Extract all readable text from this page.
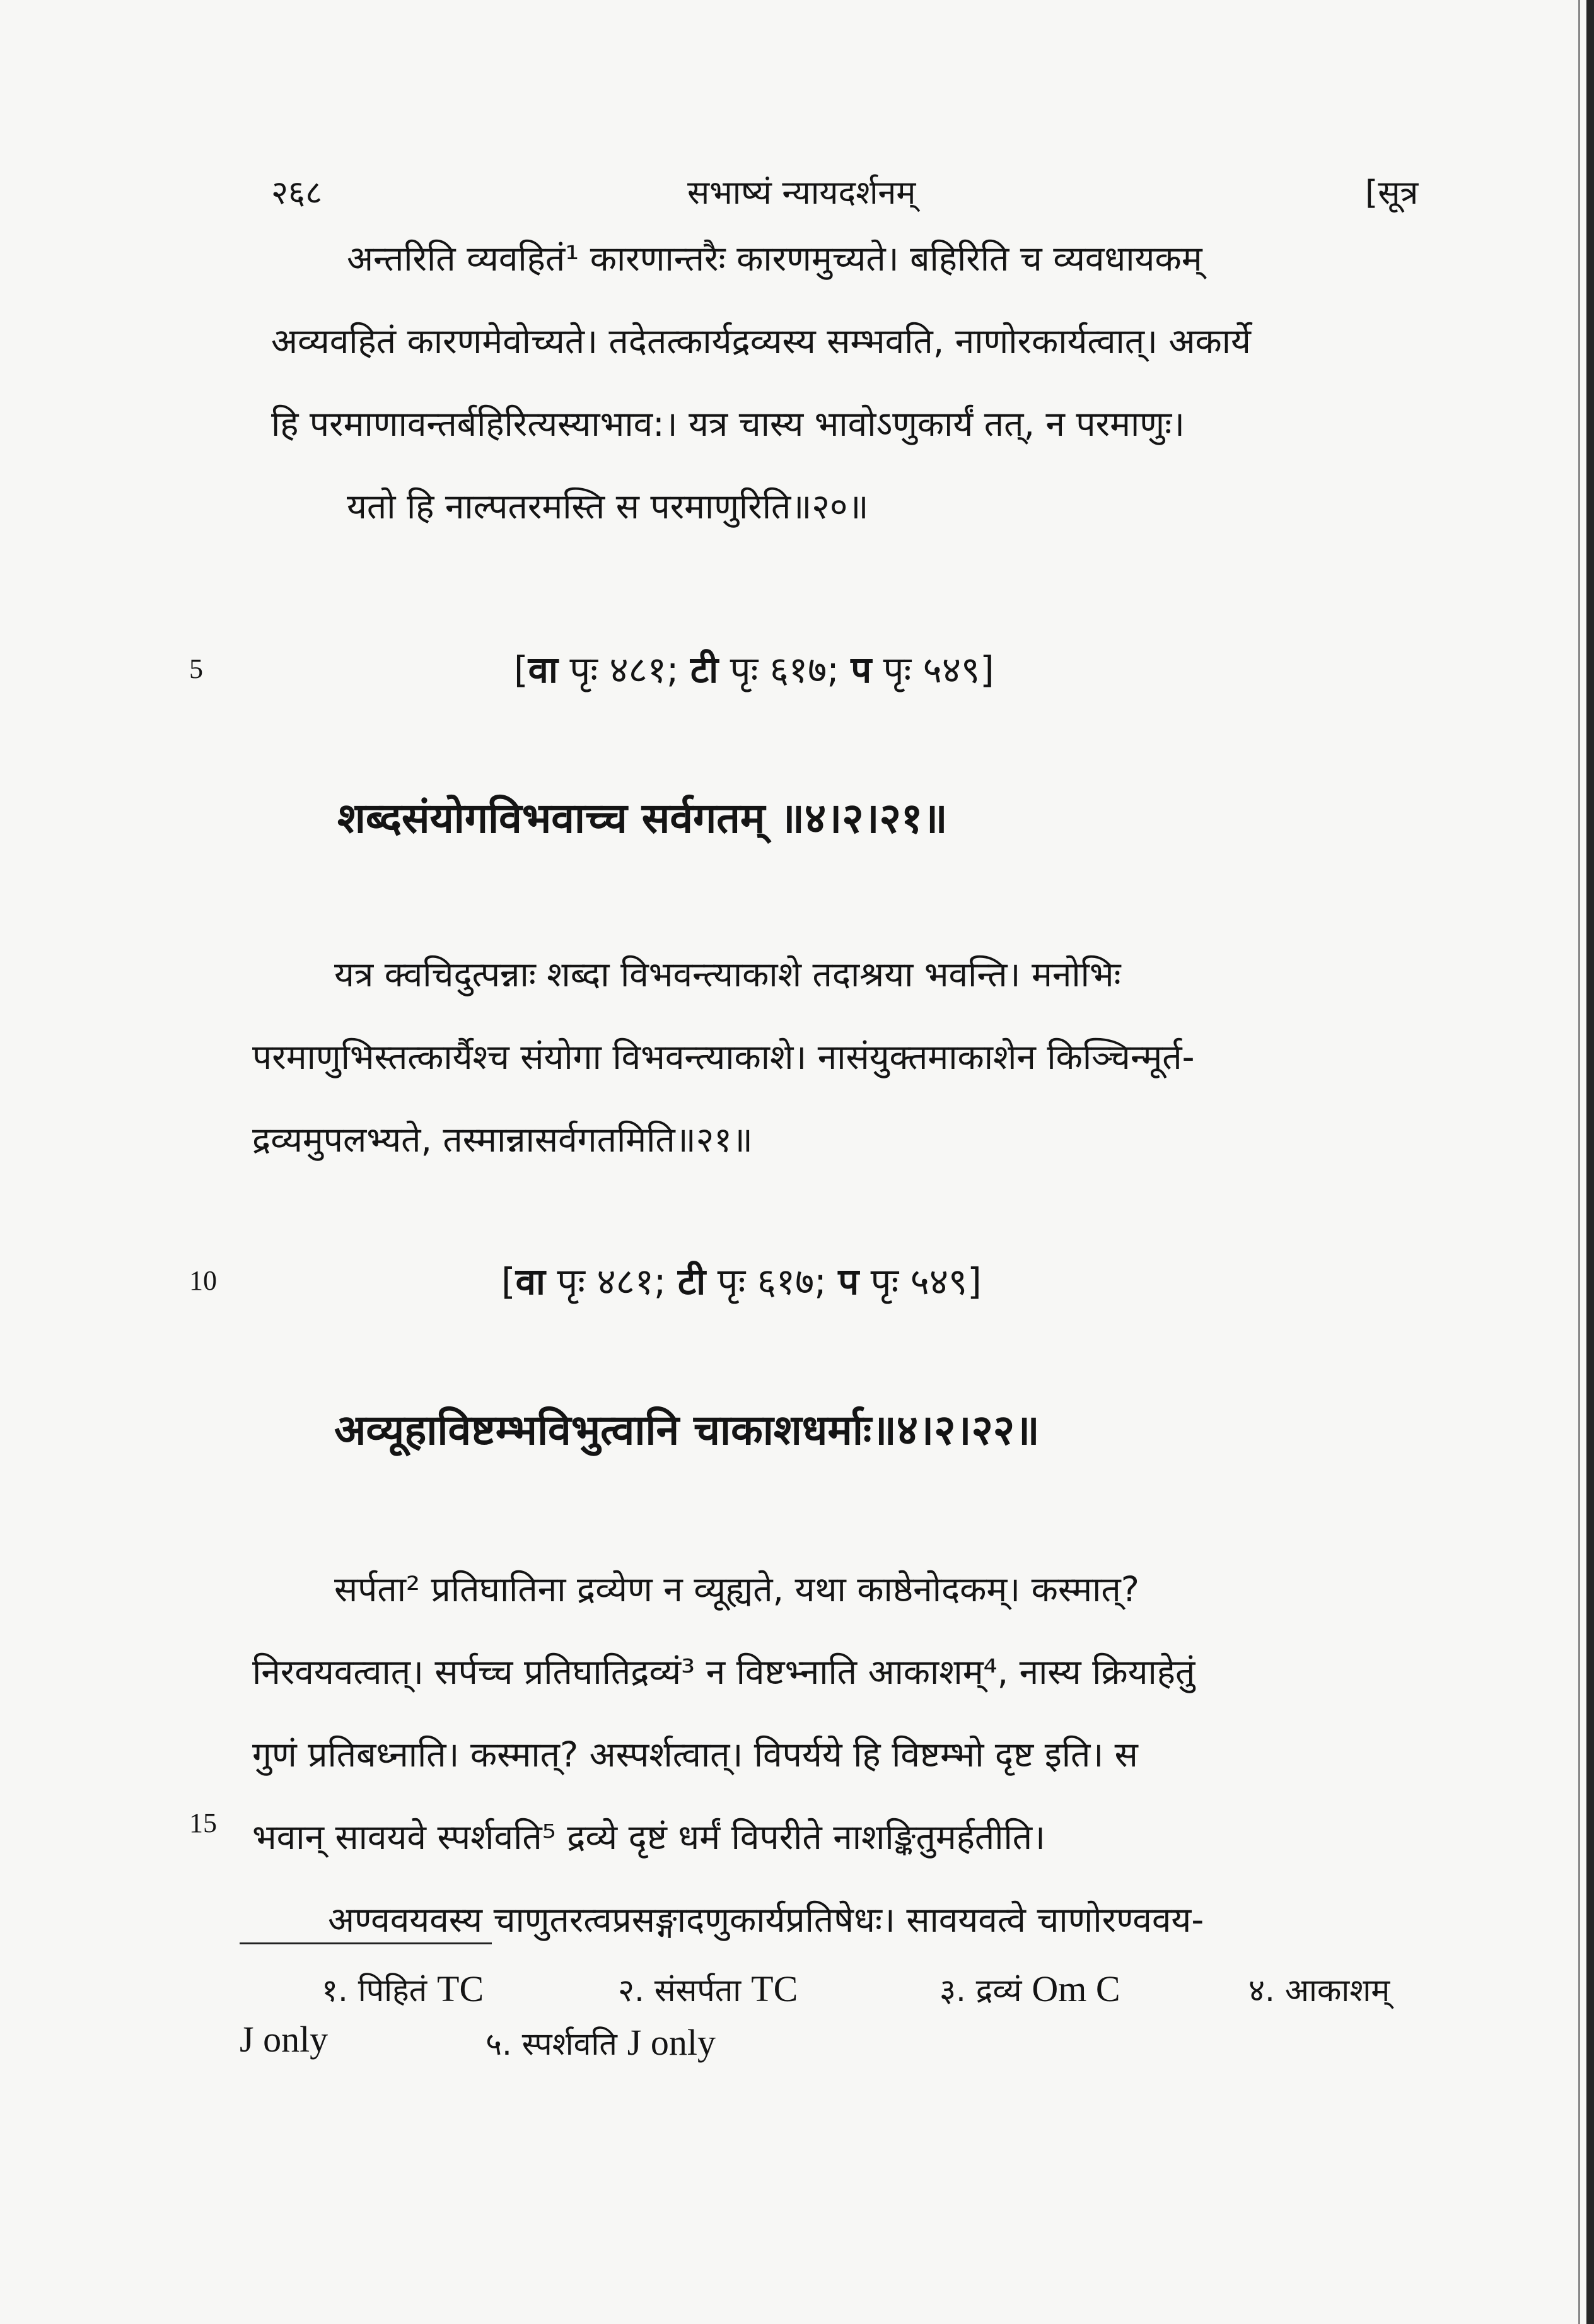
२६८	सभाष्यं न्यायदर्शनम्	[सूत्र
अन्तरिति व्यवहितं¹ कारणान्तरैः कारणमुच्यते। बहिरिति च व्यवधायकम्
अव्यवहितं कारणमेवोच्यते। तदेतत्कार्यद्रव्यस्य सम्भवति, नाणोरकार्यत्वात्। अकार्ये
हि परमाणावन्तर्बहिरित्यस्याभाव:। यत्र चास्य भावोऽणुकार्यं तत्, न परमाणुः।
यतो हि नाल्पतरमस्ति स परमाणुरिति॥२०॥
5	[वा पृः ४८१; टी पृः ६१७; प पृः ५४९]
शब्दसंयोगविभवाच्च सर्वगतम् ॥४।२।२१॥
यत्र क्वचिदुत्पन्नाः शब्दा विभवन्त्याकाशे तदाश्रया भवन्ति। मनोभिः
परमाणुभिस्तत्कार्यैश्च संयोगा विभवन्त्याकाशे। नासंयुक्तमाकाशेन किञ्चिन्मूर्त-
द्रव्यमुपलभ्यते, तस्मान्नासर्वगतमिति॥२१॥
10	[वा पृः ४८१; टी पृः ६१७; प पृः ५४९]
अव्यूहाविष्टम्भविभुत्वानि चाकाशधर्माः॥४।२।२२॥
सर्पता² प्रतिघातिना द्रव्येण न व्यूह्यते, यथा काष्ठेनोदकम्। कस्मात्?
निरवयवत्वात्। सर्पच्च प्रतिघातिद्रव्यं³ न विष्टभ्नाति आकाशम्⁴, नास्य क्रियाहेतुं
गुणं प्रतिबध्नाति। कस्मात्? अस्पर्शत्वात्। विपर्यये हि विष्टम्भो दृष्ट इति। स
भवान् सावयवे स्पर्शवति⁵ द्रव्ये दृष्टं धर्मं विपरीते नाशङ्कितुमर्हतीति।
अण्ववयवस्य चाणुतरत्वप्रसङ्गादणुकार्यप्रतिषेधः। सावयवत्वे चाणोरण्ववय-
15
१. पिहितं TC	२. संसर्पता TC	३. द्रव्यं Om C	४. आकाशम्
J only	५. स्पर्शवति J only
